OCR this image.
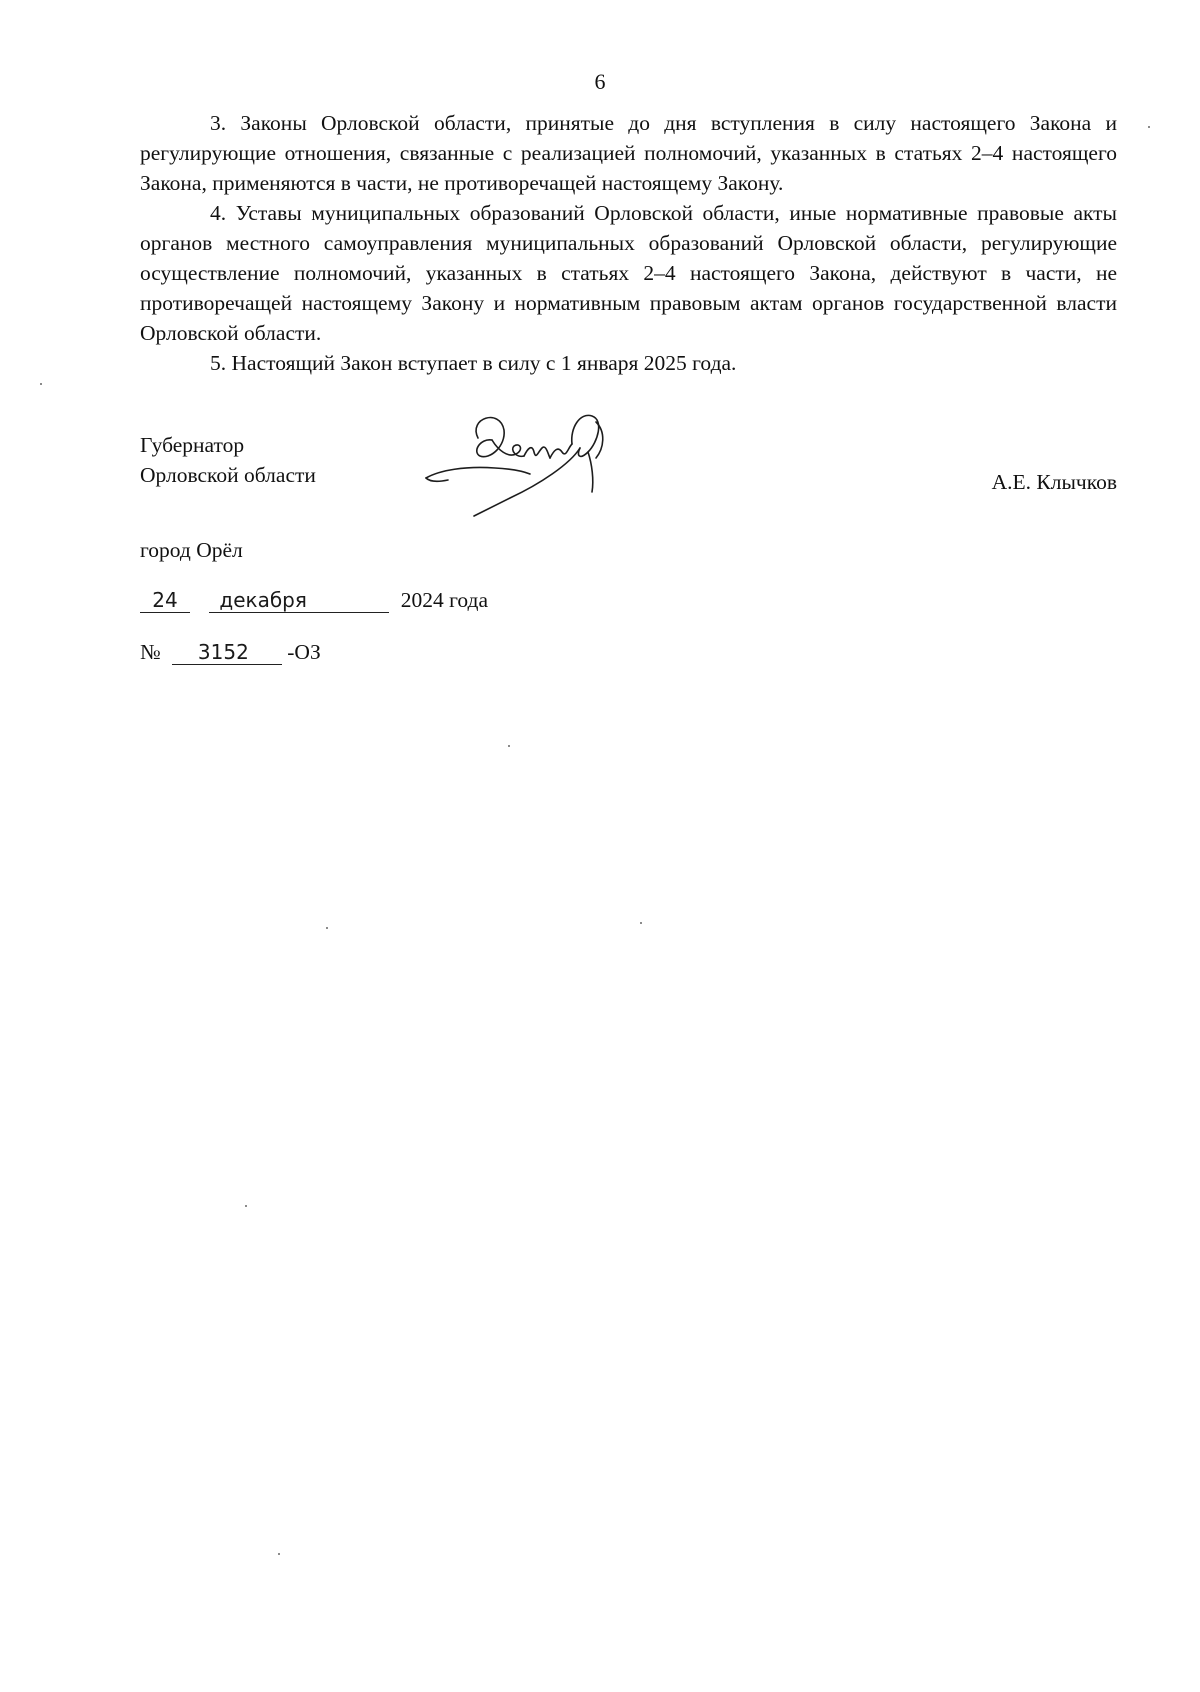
6

3. Законы Орловской области, принятые до дня вступления в силу настоящего Закона и регулирующие отношения, связанные с реализацией полномочий, указанных в статьях 2–4 настоящего Закона, применяются в части, не противоречащей настоящему Закону.

4. Уставы муниципальных образований Орловской области, иные нормативные правовые акты органов местного самоуправления муниципальных образований Орловской области, регулирующие осуществление полномочий, указанных в статьях 2–4 настоящего Закона, действуют в части, не противоречащей настоящему Закону и нормативным правовым актам органов государственной власти Орловской области.

5. Настоящий Закон вступает в силу с 1 января 2025 года.

Губернатор
Орловской области	А.Е. Клычков
город Орёл
24 декабря	2024 года
№ 3152 -ОЗ
